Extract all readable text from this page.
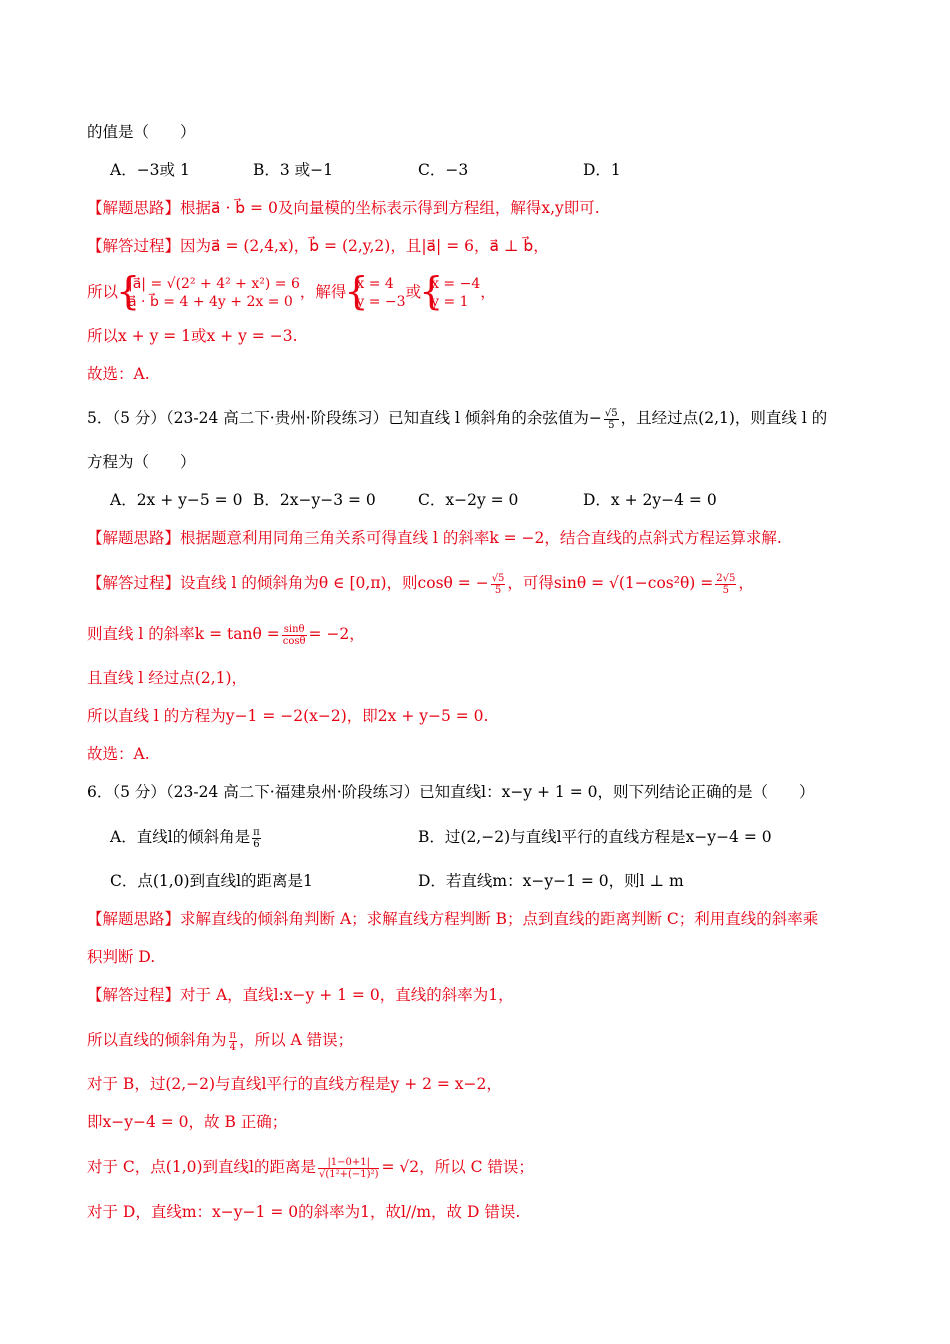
的值是（　　）
A．−3或 1	B．3 或−1	C．−3	D．1
【解题思路】根据a⃗ · b⃗ = 0及向量模的坐标表示得到方程组，解得x,y即可.
【解答过程】因为a⃗ = (2,4,x)，b⃗ = (2,y,2)，且|a⃗| = 6，a⃗ ⊥ b⃗，
所以 { |a⃗| = √(2² + 4² + x²) = 6
a⃗ · b⃗ = 4 + 4y + 2x = 0
，解得 { x = 4
y = −3
或 { x = −4
y = 1
，
所以x + y = 1或x + y = −3.
故选：A.
5．（5 分）（23-24 高二下·贵州·阶段练习）已知直线 l 倾斜角的余弦值为− $\frac{√5}{5}$ ，且经过点(2,1)，则直线 l 的
方程为（　　）
A．2x + y−5 = 0 B．2x−y−3 = 0	C．x−2y = 0	D．x + 2y−4 = 0
【解题思路】根据题意利用同角三角关系可得直线 l 的斜率k = −2，结合直线的点斜式方程运算求解.
【解答过程】设直线 l 的倾斜角为θ ∈ [0,π)，则cosθ = − $\frac{√5}{5}$ ，可得$\sin\theta = √(1-\cos^2\theta) = \frac{2√5}{5}$ ，
则直线 l 的斜率$k = \tan\theta = \frac{\sin\theta}{\cos\theta} = -2$，
且直线 l 经过点(2,1)，
所以直线 l 的方程为y−1 = −2(x−2)，即2x + y−5 = 0.
故选：A.
6．（5 分）（23-24 高二下·福建泉州·阶段练习）已知直线l：x−y + 1 = 0，则下列结论正确的是（　　）
A．直线l的倾斜角是 $\frac{\pi}{6}$	B．过(2,−2)与直线l平行的直线方程是x−y−4 = 0
C．点(1,0)到直线l的距离是1	D．若直线m：x−y−1 = 0，则l ⊥ m
【解题思路】求解直线的倾斜角判断 A；求解直线方程判断 B；点到直线的距离判断 C；利用直线的斜率乘
积判断 D.
【解答过程】对于 A，直线l:x−y + 1 = 0，直线的斜率为1，
所以直线的倾斜角为 $\frac{\pi}{4}$ ，所以 A 错误；
对于 B，过(2,−2)与直线l平行的直线方程是y + 2 = x−2，
即x−y−4 = 0，故 B 正确；
对于 C，点(1,0)到直线l的距离是 $\frac{|1-0+1|}{\text{√(1²+(−1)²)}} = √2$，所以 C 错误；
对于 D，直线m：x−y−1 = 0的斜率为1，故l//m，故 D 错误.
